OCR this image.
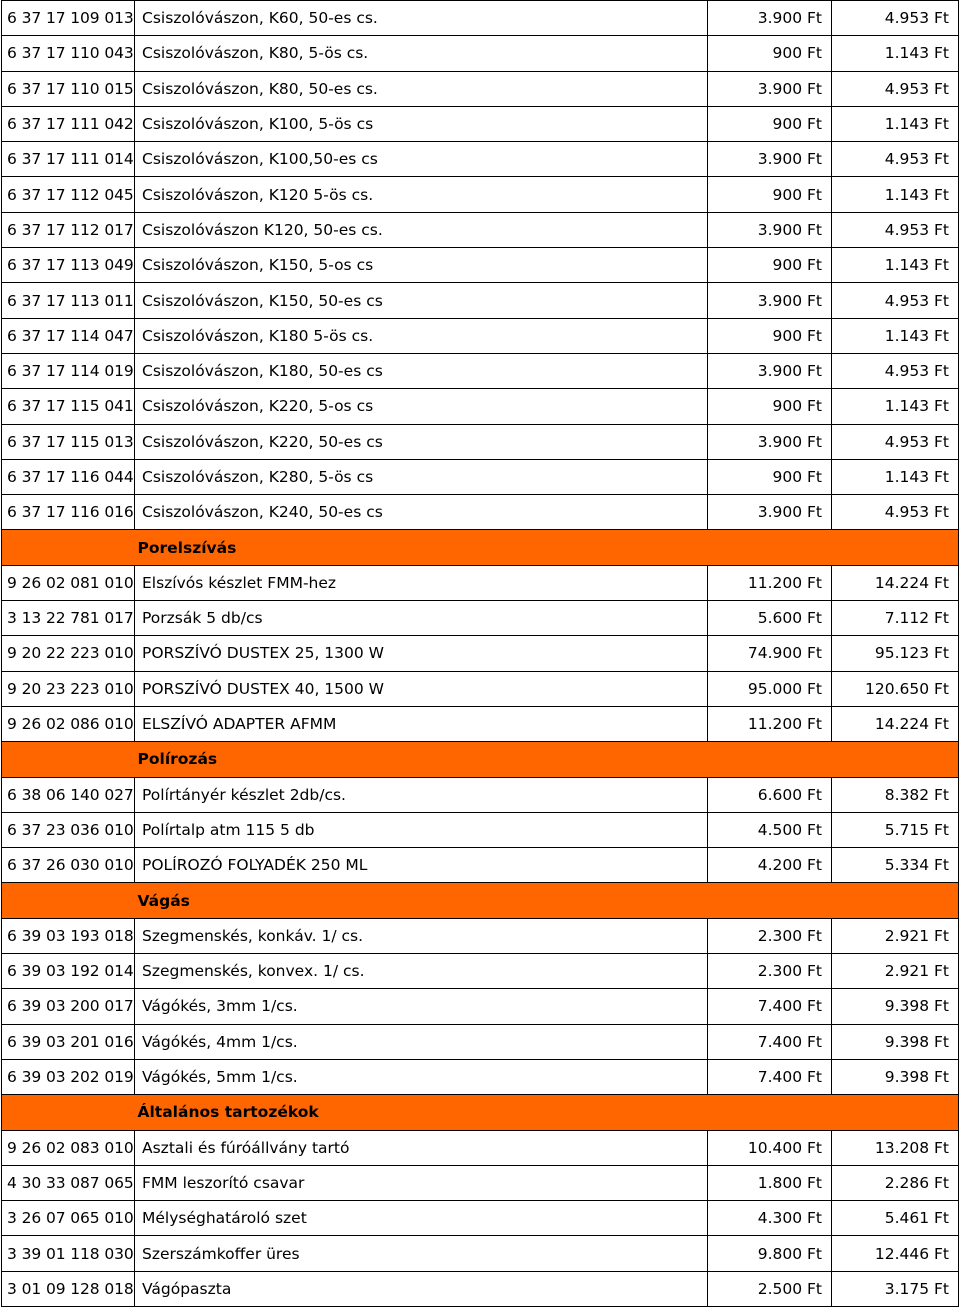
6 37 17 109 013	Csiszolóvászon, K60, 50-es cs.	3.900 Ft	4.953 Ft
6 37 17 110 043	Csiszolóvászon, K80, 5-ös cs.	900 Ft	1.143 Ft
6 37 17 110 015	Csiszolóvászon, K80, 50-es cs.	3.900 Ft	4.953 Ft
6 37 17 111 042	Csiszolóvászon, K100, 5-ös cs	900 Ft	1.143 Ft
6 37 17 111 014	Csiszolóvászon, K100,50-es cs	3.900 Ft	4.953 Ft
6 37 17 112 045	Csiszolóvászon, K120 5-ös cs.	900 Ft	1.143 Ft
6 37 17 112 017	Csiszolóvászon K120, 50-es cs.	3.900 Ft	4.953 Ft
6 37 17 113 049	Csiszolóvászon, K150, 5-os cs	900 Ft	1.143 Ft
6 37 17 113 011	Csiszolóvászon, K150, 50-es cs	3.900 Ft	4.953 Ft
6 37 17 114 047	Csiszolóvászon, K180 5-ös cs.	900 Ft	1.143 Ft
6 37 17 114 019	Csiszolóvászon, K180, 50-es cs	3.900 Ft	4.953 Ft
6 37 17 115 041	Csiszolóvászon, K220, 5-os cs	900 Ft	1.143 Ft
6 37 17 115 013	Csiszolóvászon, K220, 50-es cs	3.900 Ft	4.953 Ft
6 37 17 116 044	Csiszolóvászon, K280, 5-ös cs	900 Ft	1.143 Ft
6 37 17 116 016	Csiszolóvászon, K240, 50-es cs	3.900 Ft	4.953 Ft
	Porelszívás		
9 26 02 081 010	Elszívós készlet FMM-hez	11.200 Ft	14.224 Ft
3 13 22 781 017	Porzsák 5 db/cs	5.600 Ft	7.112 Ft
9 20 22 223 010	PORSZÍVÓ DUSTEX 25, 1300 W	74.900 Ft	95.123 Ft
9 20 23 223 010	PORSZÍVÓ DUSTEX 40, 1500 W	95.000 Ft	120.650 Ft
9 26 02 086 010	ELSZÍVÓ ADAPTER AFMM	11.200 Ft	14.224 Ft
	Polírozás		
6 38 06 140 027	Polírtányér készlet 2db/cs.	6.600 Ft	8.382 Ft
6 37 23 036 010	Polírtalp atm 115 5 db	4.500 Ft	5.715 Ft
6 37 26 030 010	POLÍROZÓ FOLYADÉK 250 ML	4.200 Ft	5.334 Ft
	Vágás		
6 39 03 193 018	Szegmenskés, konkáv. 1/ cs.	2.300 Ft	2.921 Ft
6 39 03 192 014	Szegmenskés, konvex. 1/ cs.	2.300 Ft	2.921 Ft
6 39 03 200 017	Vágókés, 3mm 1/cs.	7.400 Ft	9.398 Ft
6 39 03 201 016	Vágókés, 4mm 1/cs.	7.400 Ft	9.398 Ft
6 39 03 202 019	Vágókés, 5mm 1/cs.	7.400 Ft	9.398 Ft
	Általános tartozékok		
9 26 02 083 010	Asztali és fúróállvány tartó	10.400 Ft	13.208 Ft
4 30 33 087 065	FMM leszorító csavar	1.800 Ft	2.286 Ft
3 26 07 065 010	Mélységhatároló szet	4.300 Ft	5.461 Ft
3 39 01 118 030	Szerszámkoffer üres	9.800 Ft	12.446 Ft
3 01 09 128 018	Vágópaszta	2.500 Ft	3.175 Ft
